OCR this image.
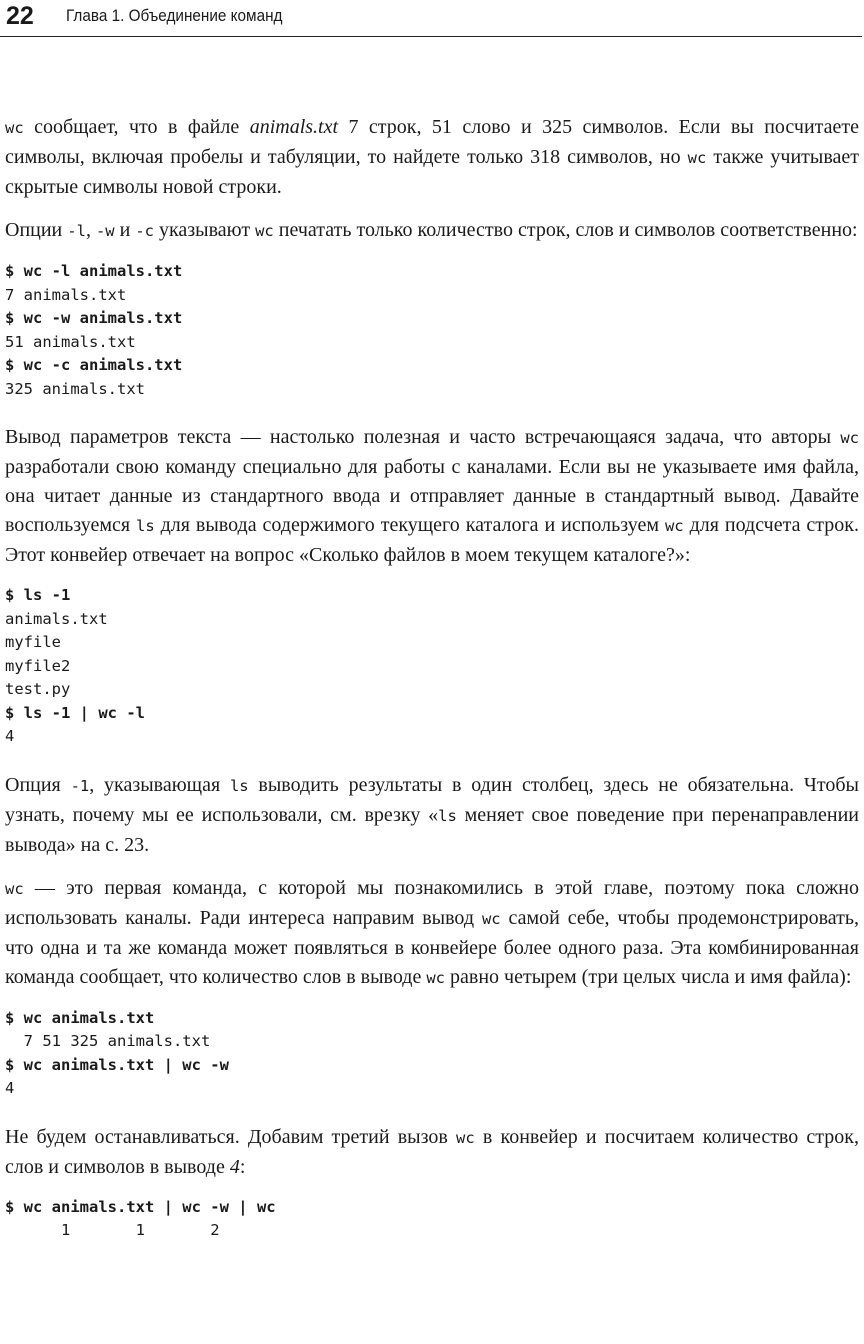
22 Глава 1. Объединение команд

wc сообщает, что в файле animals.txt 7 строк, 51 слово и 325 символов. Если вы посчитаете символы, включая пробелы и табуляции, то найдете только 318 символов, но wc также учитывает скрытые символы новой строки.

Опции -l, -w и -c указывают wc печатать только количество строк, слов и символов соответственно:

$ wc -l animals.txt
7 animals.txt
$ wc -w animals.txt
51 animals.txt
$ wc -c animals.txt
325 animals.txt

Вывод параметров текста — настолько полезная и часто встречающаяся задача, что авторы wc разработали свою команду специально для работы с каналами. Если вы не указываете имя файла, она читает данные из стандартного ввода и отправляет данные в стандартный вывод. Давайте воспользуемся ls для вывода содержимого текущего каталога и используем wc для подсчета строк. Этот конвейер отвечает на вопрос «Сколько файлов в моем текущем каталоге?»:

$ ls -1
animals.txt
myfile
myfile2
test.py
$ ls -1 | wc -l
4

Опция -1, указывающая ls выводить результаты в один столбец, здесь не обязательна. Чтобы узнать, почему мы ее использовали, см. врезку «ls меняет свое поведение при перенаправлении вывода» на с. 23.

wc — это первая команда, с которой мы познакомились в этой главе, поэтому пока сложно использовать каналы. Ради интереса направим вывод wc самой себе, чтобы продемонстрировать, что одна и та же команда может появляться в конвейере более одного раза. Эта комбинированная команда сообщает, что количество слов в выводе wc равно четырем (три целых числа и имя файла):

$ wc animals.txt
7 51 325 animals.txt
$ wc animals.txt | wc -w
4

Не будем останавливаться. Добавим третий вызов wc в конвейер и посчитаем количество строк, слов и символов в выводе 4:

$ wc animals.txt | wc -w | wc
1       1       2
